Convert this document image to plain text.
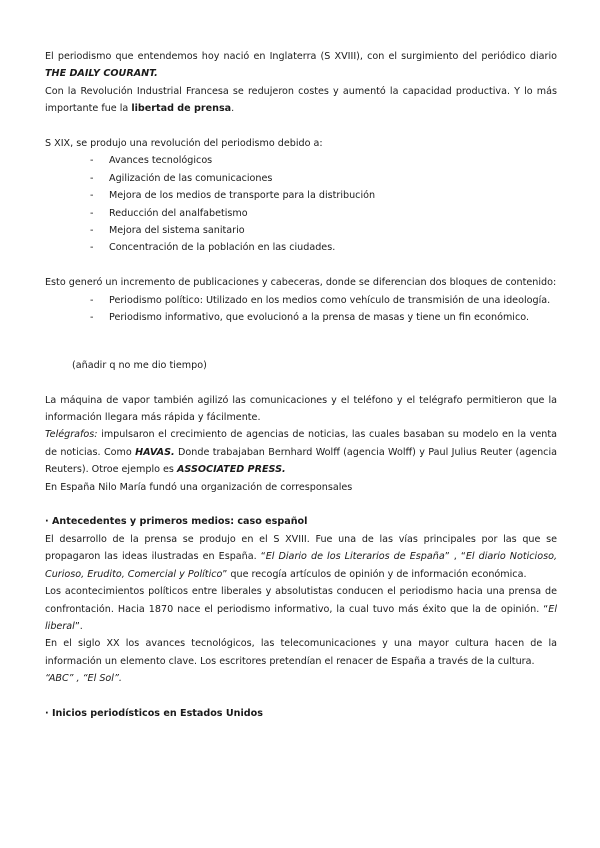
El periodismo que entendemos hoy nació en Inglaterra (S XVIII), con el surgimiento del periódico diario THE DAILY COURANT.

Con la Revolución Industrial Francesa se redujeron costes y aumentó la capacidad productiva. Y lo más importante fue la libertad de prensa.

S XIX, se produjo una revolución del periodismo debido a:

- Avances tecnológicos
- Agilización de las comunicaciones
- Mejora de los medios de transporte para la distribución
- Reducción del analfabetismo
- Mejora del sistema sanitario
- Concentración de la población en las ciudades.

Esto generó un incremento de publicaciones y cabeceras, donde se diferencian dos bloques de contenido:

- Periodismo político: Utilizado en los medios como vehículo de transmisión de una ideología.
- Periodismo informativo, que evolucionó a la prensa de masas y tiene un fin económico.

(añadir q no me dio tiempo)

La máquina de vapor también agilizó las comunicaciones y el teléfono y el telégrafo permitieron que la información llegara más rápida y fácilmente.

Telégrafos: impulsaron el crecimiento de agencias de noticias, las cuales basaban su modelo en la venta de noticias. Como HAVAS. Donde trabajaban Bernhard Wolff (agencia Wolff) y Paul Julius Reuter (agencia Reuters). Otroe ejemplo es ASSOCIATED PRESS.

En España Nilo María fundó una organización de corresponsales

· Antecedentes y primeros medios: caso español

El desarrollo de la prensa se produjo en el S XVIII. Fue una de las vías principales por las que se propagaron las ideas ilustradas en España. “El Diario de los Literarios de España” , “El diario Noticioso, Curioso, Erudito, Comercial y Político” que recogía artículos de opinión y de información económica.

Los acontecimientos políticos entre liberales y absolutistas conducen el periodismo hacia una prensa de confrontación. Hacia 1870 nace el periodismo informativo, la cual tuvo más éxito que la de opinión. “El liberal”.

En el siglo XX los avances tecnológicos, las telecomunicaciones y una mayor cultura hacen de la información un elemento clave. Los escritores pretendían el renacer de España a través de la cultura.

“ABC” , “El Sol”.

· Inicios periodísticos en Estados Unidos
